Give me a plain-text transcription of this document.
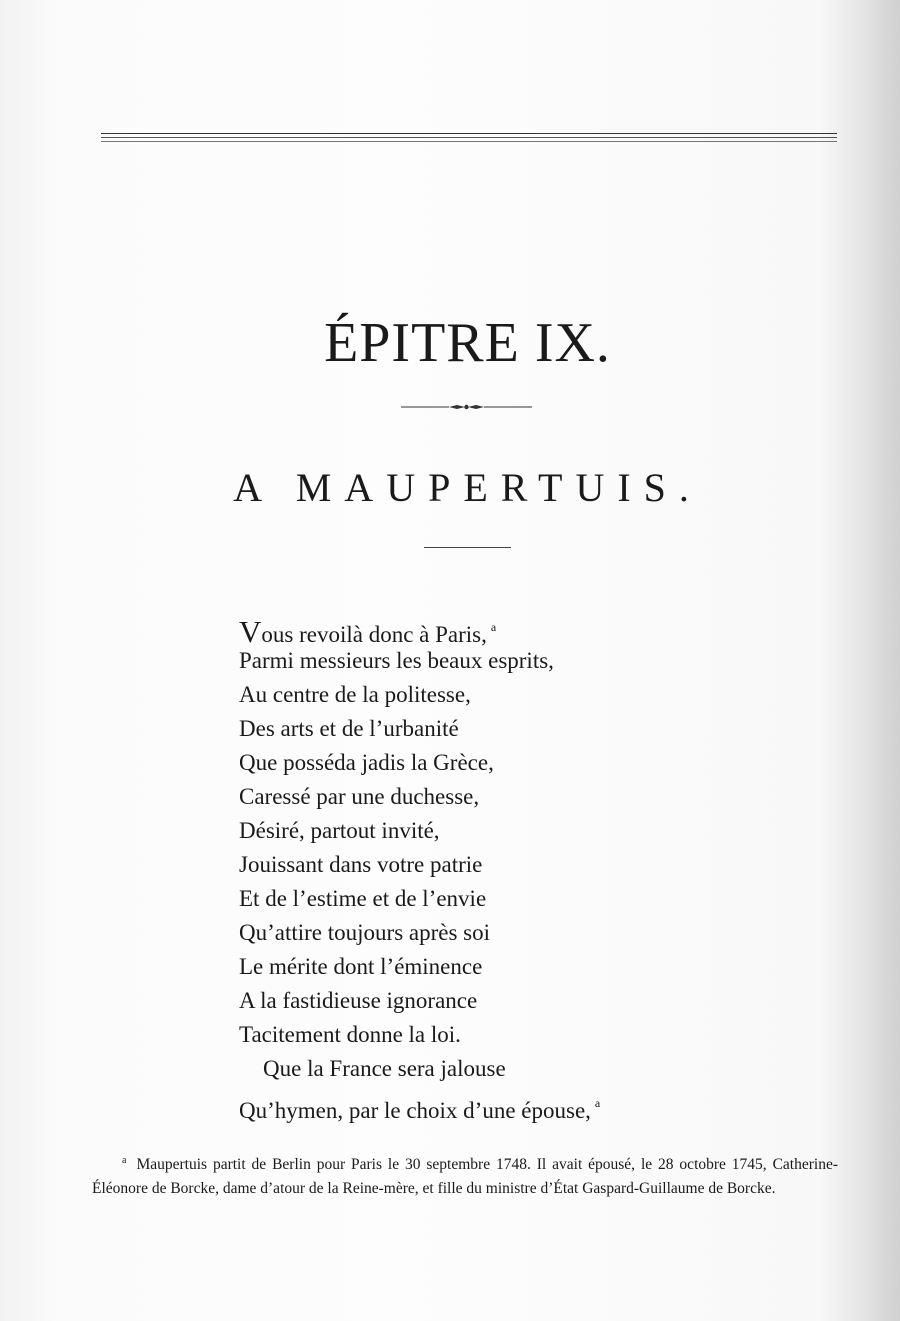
ÉPITRE IX.
A MAUPERTUIS.
Vous revoilà donc à Paris, $^a$
Parmi messieurs les beaux esprits,
Au centre de la politesse,
Des arts et de l’urbanité
Que posséda jadis la Grèce,
Caressé par une duchesse,
Désiré, partout invité,
Jouissant dans votre patrie
Et de l’estime et de l’envie
Qu’attire toujours après soi
Le mérite dont l’éminence
A la fastidieuse ignorance
Tacitement donne la loi.
Que la France sera jalouse
Qu’hymen, par le choix d’une épouse, $^a$
$^a$ Maupertuis partit de Berlin pour Paris le 30 septembre 1748. Il avait épousé, le 28 octobre 1745, Catherine-Éléonore de Borcke, dame d’atour de la Reine-mère, et fille du ministre d’État Gaspard-Guillaume de Borcke.
